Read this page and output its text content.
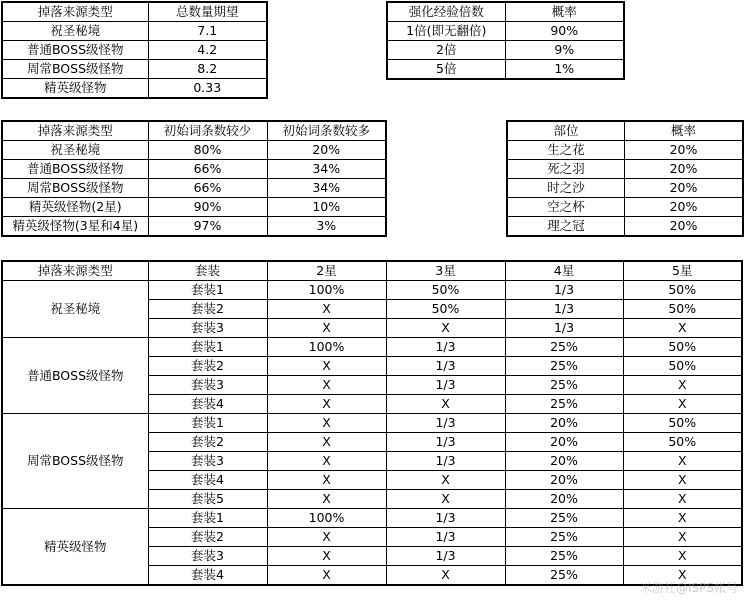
掉落来源类型	总数量期望
祝圣秘境	7.1
普通BOSS级怪物	4.2
周常BOSS级怪物	8.2
精英级怪物	0.33
强化经验倍数	概率
1倍(即无翻倍)	90%
2倍	9%
5倍	1%
掉落来源类型	初始词条数较少	初始词条数较多
祝圣秘境	80%	20%
普通BOSS级怪物	66%	34%
周常BOSS级怪物	66%	34%
精英级怪物(2星)	90%	10%
精英级怪物(3星和4星)	97%	3%
部位	概率
生之花	20%
死之羽	20%
时之沙	20%
空之杯	20%
理之冠	20%
掉落来源类型	套装	2星	3星	4星	5星
祝圣秘境	套装1	100%	50%	1/3	50%
	套装2	X	50%	1/3	50%
	套装3	X	X	1/3	X
普通BOSS级怪物	套装1	100%	1/3	25%	50%
	套装2	X	1/3	25%	50%
	套装3	X	1/3	25%	X
	套装4	X	X	25%	X
周常BOSS级怪物	套装1	X	1/3	20%	50%
	套装2	X	1/3	20%	50%
	套装3	X	1/3	20%	X
	套装4	X	X	20%	X
	套装5	X	X	20%	X
精英级怪物	套装1	100%	1/3	25%	X
	套装2	X	1/3	25%	X
	套装3	X	1/3	25%	X
	套装4	X	X	25%	X
米游社@ISPS帐号
